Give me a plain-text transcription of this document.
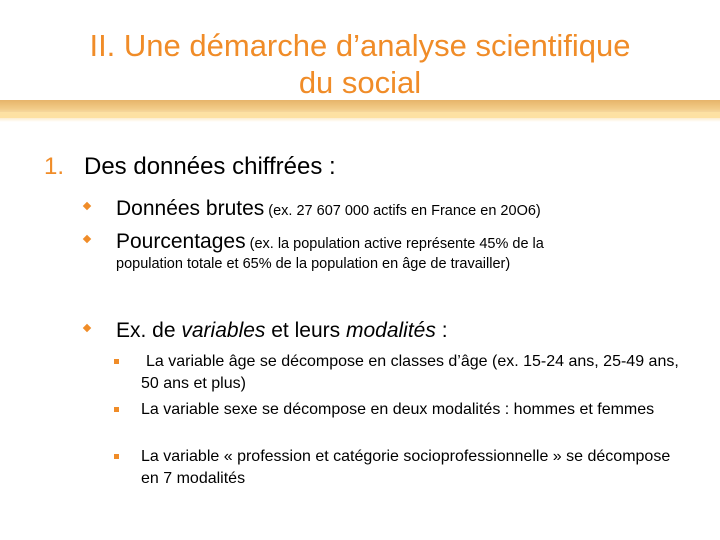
II. Une démarche d’analyse scientifique
du social
1. Des données chiffrées :
Données brutes (ex. 27 607 000 actifs en France en 20O6)
Pourcentages (ex. la population active représente 45% de la
population totale et 65% de la population en âge de travailler)
Ex. de variables et leurs modalités :
La variable âge se décompose en classes d’âge (ex. 15-24 ans, 25-49 ans, 50 ans et plus)
La variable sexe se décompose en deux modalités : hommes et femmes
La variable « profession et catégorie socioprofessionnelle » se décompose en 7 modalités
